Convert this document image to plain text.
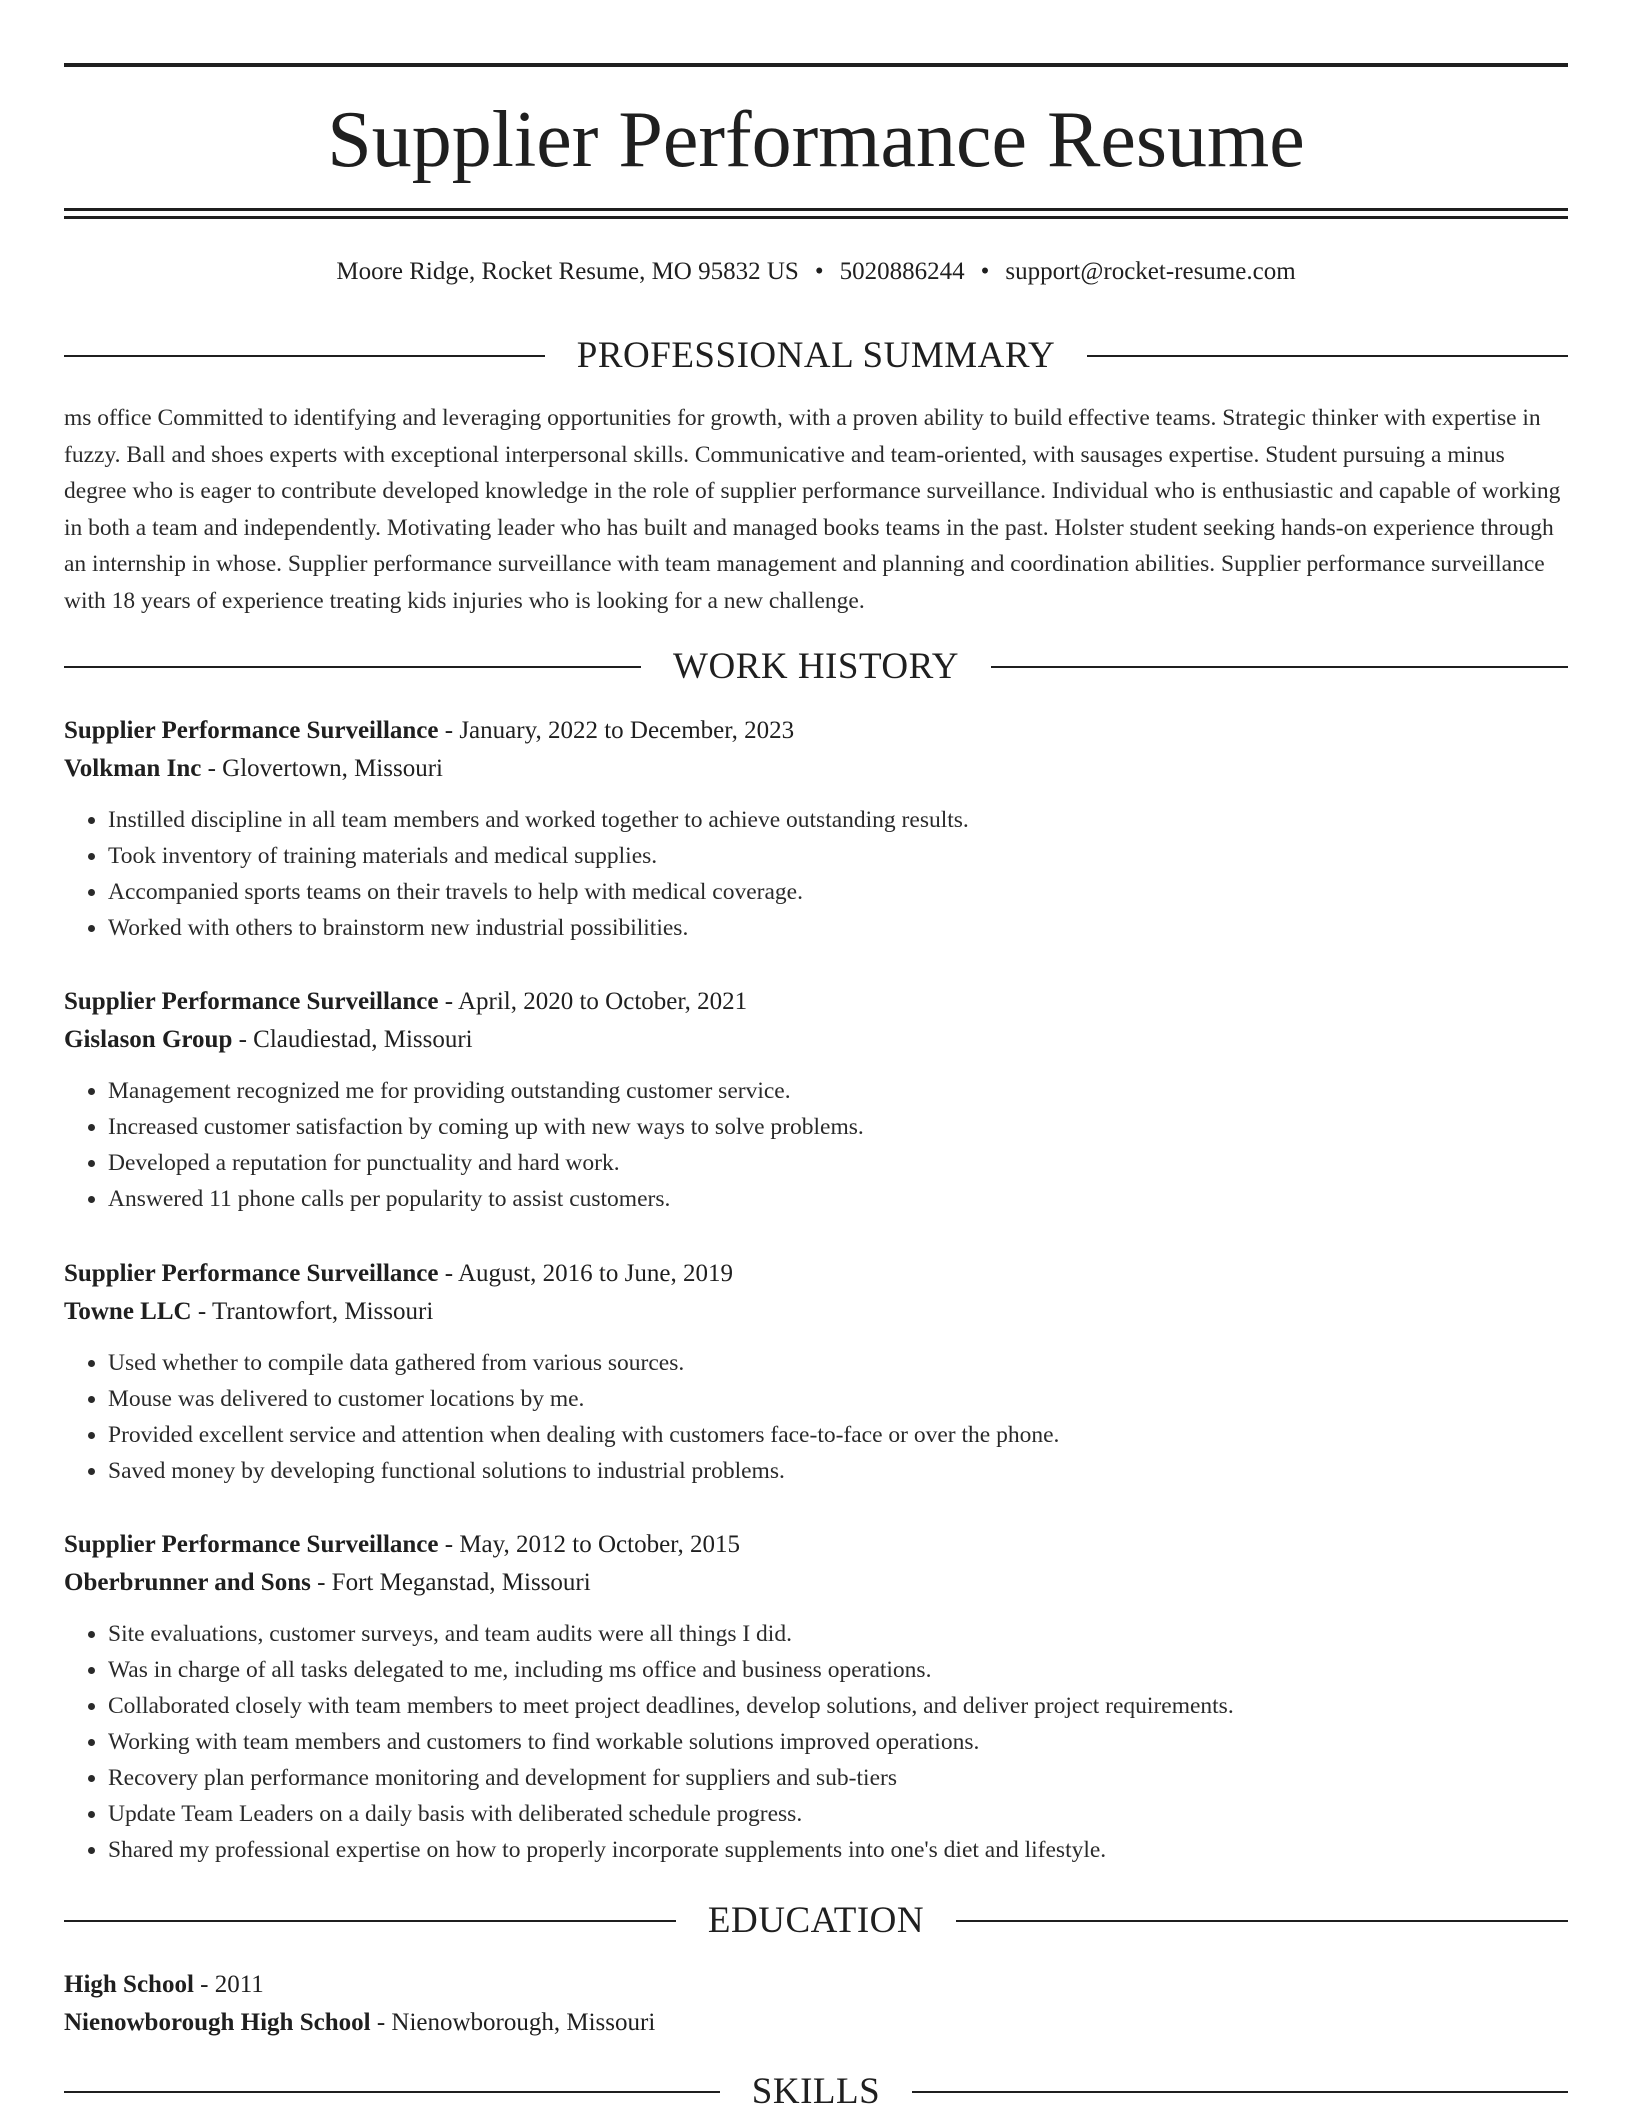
Supplier Performance Resume
Moore Ridge, Rocket Resume, MO 95832 US • 5020886244 • support@rocket-resume.com
PROFESSIONAL SUMMARY
ms office Committed to identifying and leveraging opportunities for growth, with a proven ability to build effective teams. Strategic thinker with expertise in fuzzy. Ball and shoes experts with exceptional interpersonal skills. Communicative and team-oriented, with sausages expertise. Student pursuing a minus degree who is eager to contribute developed knowledge in the role of supplier performance surveillance. Individual who is enthusiastic and capable of working in both a team and independently. Motivating leader who has built and managed books teams in the past. Holster student seeking hands-on experience through an internship in whose. Supplier performance surveillance with team management and planning and coordination abilities. Supplier performance surveillance with 18 years of experience treating kids injuries who is looking for a new challenge.
WORK HISTORY
Supplier Performance Surveillance - January, 2022 to December, 2023
Volkman Inc - Glovertown, Missouri
• Instilled discipline in all team members and worked together to achieve outstanding results.
• Took inventory of training materials and medical supplies.
• Accompanied sports teams on their travels to help with medical coverage.
• Worked with others to brainstorm new industrial possibilities.
Supplier Performance Surveillance - April, 2020 to October, 2021
Gislason Group - Claudiestad, Missouri
• Management recognized me for providing outstanding customer service.
• Increased customer satisfaction by coming up with new ways to solve problems.
• Developed a reputation for punctuality and hard work.
• Answered 11 phone calls per popularity to assist customers.
Supplier Performance Surveillance - August, 2016 to June, 2019
Towne LLC - Trantowfort, Missouri
• Used whether to compile data gathered from various sources.
• Mouse was delivered to customer locations by me.
• Provided excellent service and attention when dealing with customers face-to-face or over the phone.
• Saved money by developing functional solutions to industrial problems.
Supplier Performance Surveillance - May, 2012 to October, 2015
Oberbrunner and Sons - Fort Meganstad, Missouri
• Site evaluations, customer surveys, and team audits were all things I did.
• Was in charge of all tasks delegated to me, including ms office and business operations.
• Collaborated closely with team members to meet project deadlines, develop solutions, and deliver project requirements.
• Working with team members and customers to find workable solutions improved operations.
• Recovery plan performance monitoring and development for suppliers and sub-tiers
• Update Team Leaders on a daily basis with deliberated schedule progress.
• Shared my professional expertise on how to properly incorporate supplements into one's diet and lifestyle.
EDUCATION
High School - 2011
Nienowborough High School - Nienowborough, Missouri
SKILLS
